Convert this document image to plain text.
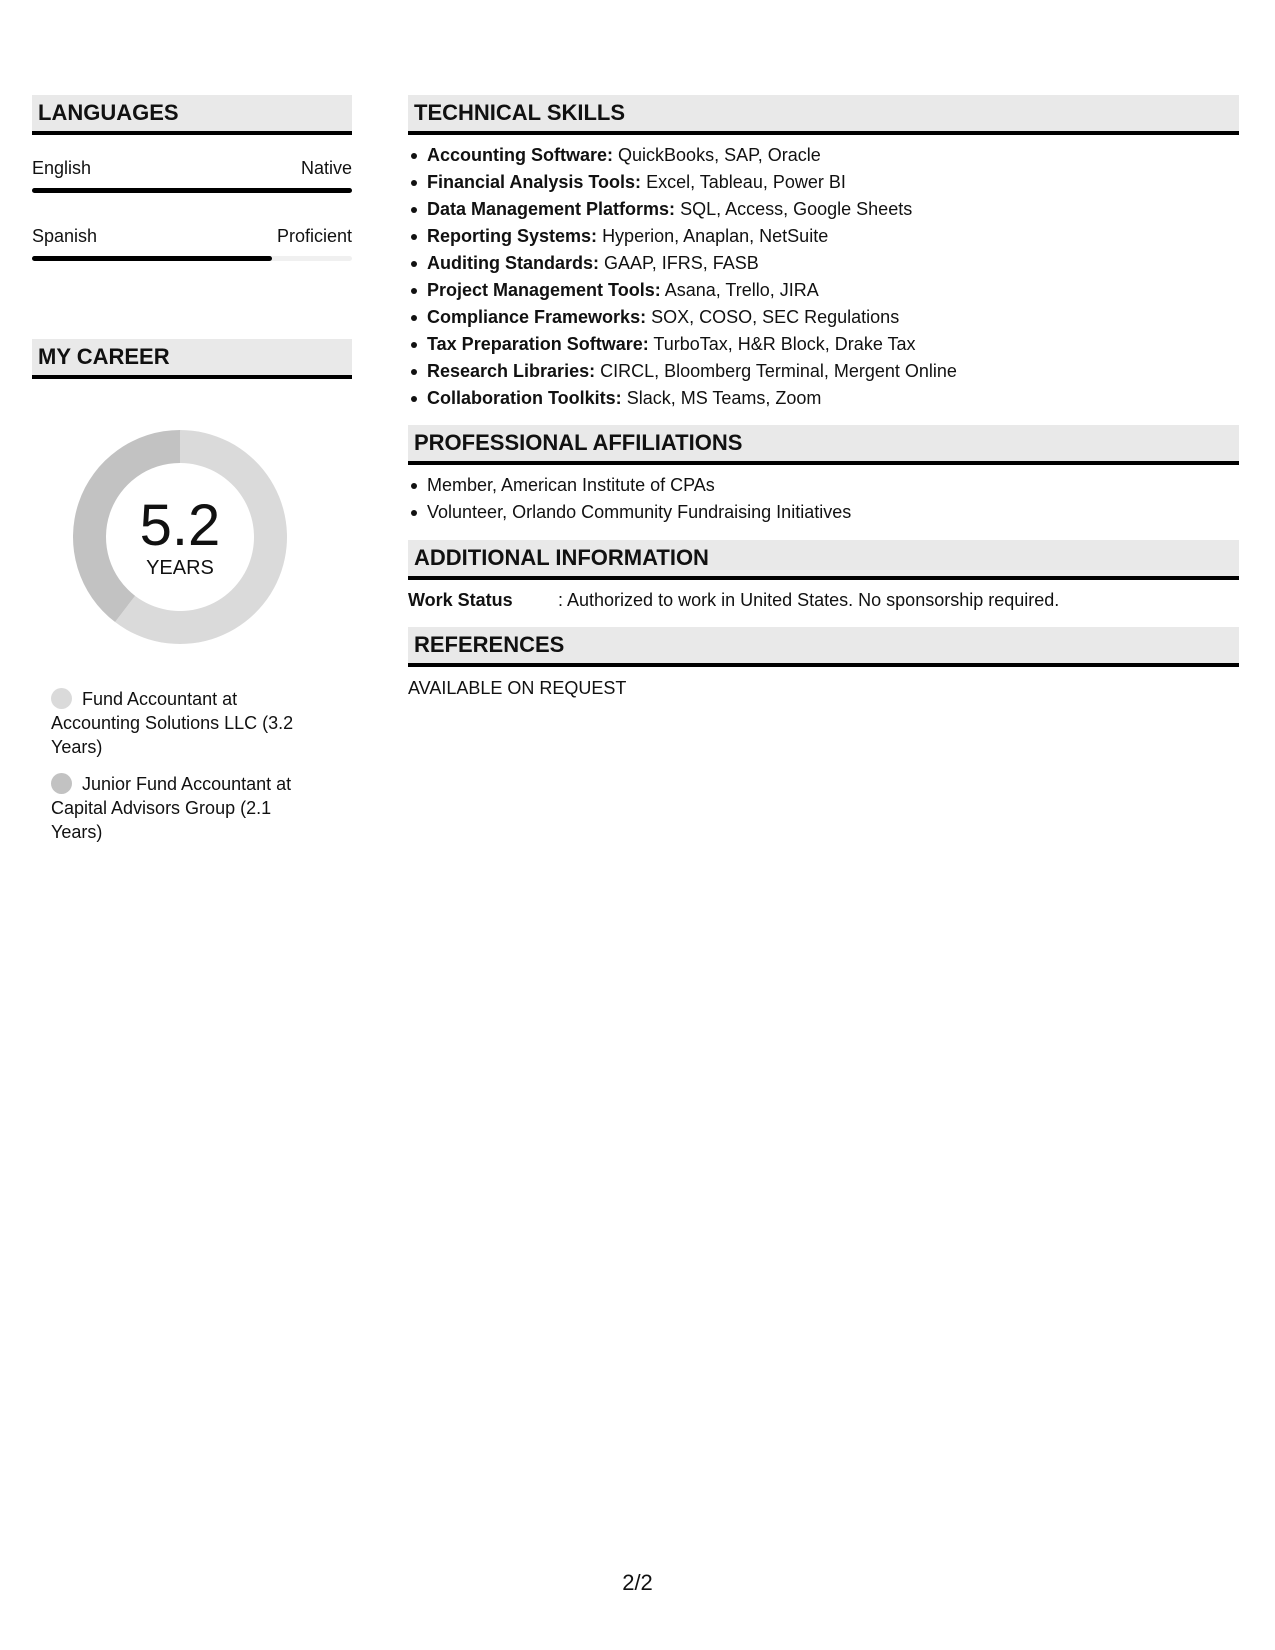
LANGUAGES
English	Native
Spanish	Proficient
MY CAREER
5.2
YEARS
Fund Accountant at Accounting Solutions LLC (3.2 Years)
Junior Fund Accountant at Capital Advisors Group (2.1 Years)
TECHNICAL SKILLS
Accounting Software: QuickBooks, SAP, Oracle
Financial Analysis Tools: Excel, Tableau, Power BI
Data Management Platforms: SQL, Access, Google Sheets
Reporting Systems: Hyperion, Anaplan, NetSuite
Auditing Standards: GAAP, IFRS, FASB
Project Management Tools: Asana, Trello, JIRA
Compliance Frameworks: SOX, COSO, SEC Regulations
Tax Preparation Software: TurboTax, H&R Block, Drake Tax
Research Libraries: CIRCL, Bloomberg Terminal, Mergent Online
Collaboration Toolkits: Slack, MS Teams, Zoom
PROFESSIONAL AFFILIATIONS
Member, American Institute of CPAs
Volunteer, Orlando Community Fundraising Initiatives
ADDITIONAL INFORMATION
Work Status	: Authorized to work in United States. No sponsorship required.
REFERENCES
AVAILABLE ON REQUEST
2/2
